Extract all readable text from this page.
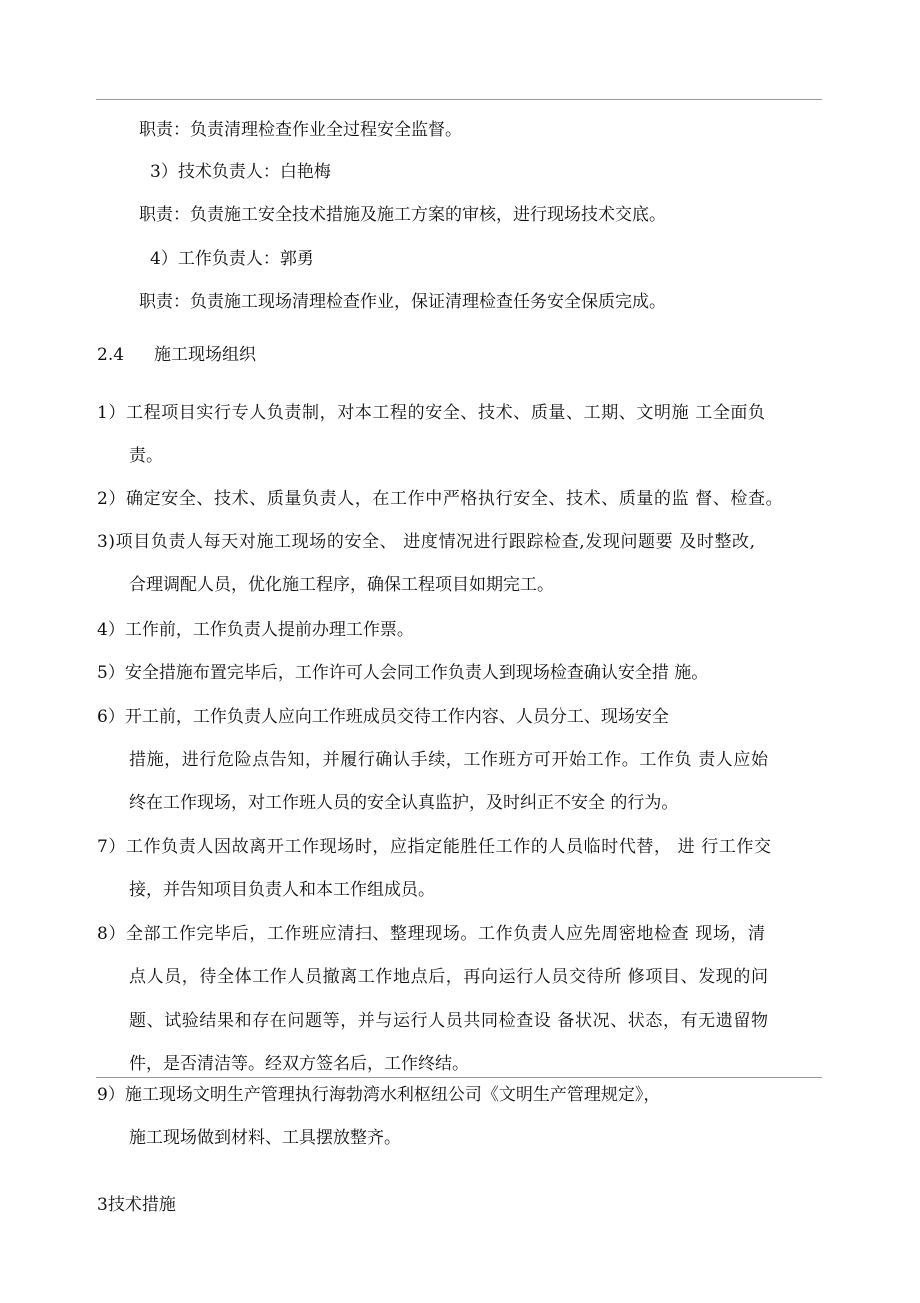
职责：负责清理检查作业全过程安全监督。
3）技术负责人：白艳梅
职责：负责施工安全技术措施及施工方案的审核，进行现场技术交底。
4）工作负责人：郭勇
职责：负责施工现场清理检查作业，保证清理检查任务安全保质完成。
2.4 施工现场组织
1）工程项目实行专人负责制，对本工程的安全、技术、质量、工期、文明施 工全面负
责。
2）确定安全、技术、质量负责人，在工作中严格执行安全、技术、质量的监 督、检查。
3)项目负责人每天对施工现场的安全、 进度情况进行跟踪检查,发现问题要 及时整改,
合理调配人员，优化施工程序，确保工程项目如期完工。
4）工作前，工作负责人提前办理工作票。
5）安全措施布置完毕后，工作许可人会同工作负责人到现场检查确认安全措 施。
6）开工前，工作负责人应向工作班成员交待工作内容、人员分工、现场安全
措施，进行危险点告知，并履行确认手续，工作班方可开始工作。工作负 责人应始
终在工作现场，对工作班人员的安全认真监护，及时纠正不安全 的行为。
7）工作负责人因故离开工作现场时，应指定能胜任工作的人员临时代替， 进 行工作交
接，并告知项目负责人和本工作组成员。
8）全部工作完毕后，工作班应清扫、整理现场。工作负责人应先周密地检查 现场，清
点人员，待全体工作人员撤离工作地点后，再向运行人员交待所 修项目、发现的问
题、试验结果和存在问题等，并与运行人员共同检查设 备状况、状态，有无遗留物
件，是否清洁等。经双方签名后，工作终结。
9）施工现场文明生产管理执行海勃湾水利枢纽公司《文明生产管理规定》，
施工现场做到材料、工具摆放整齐。
3技术措施
